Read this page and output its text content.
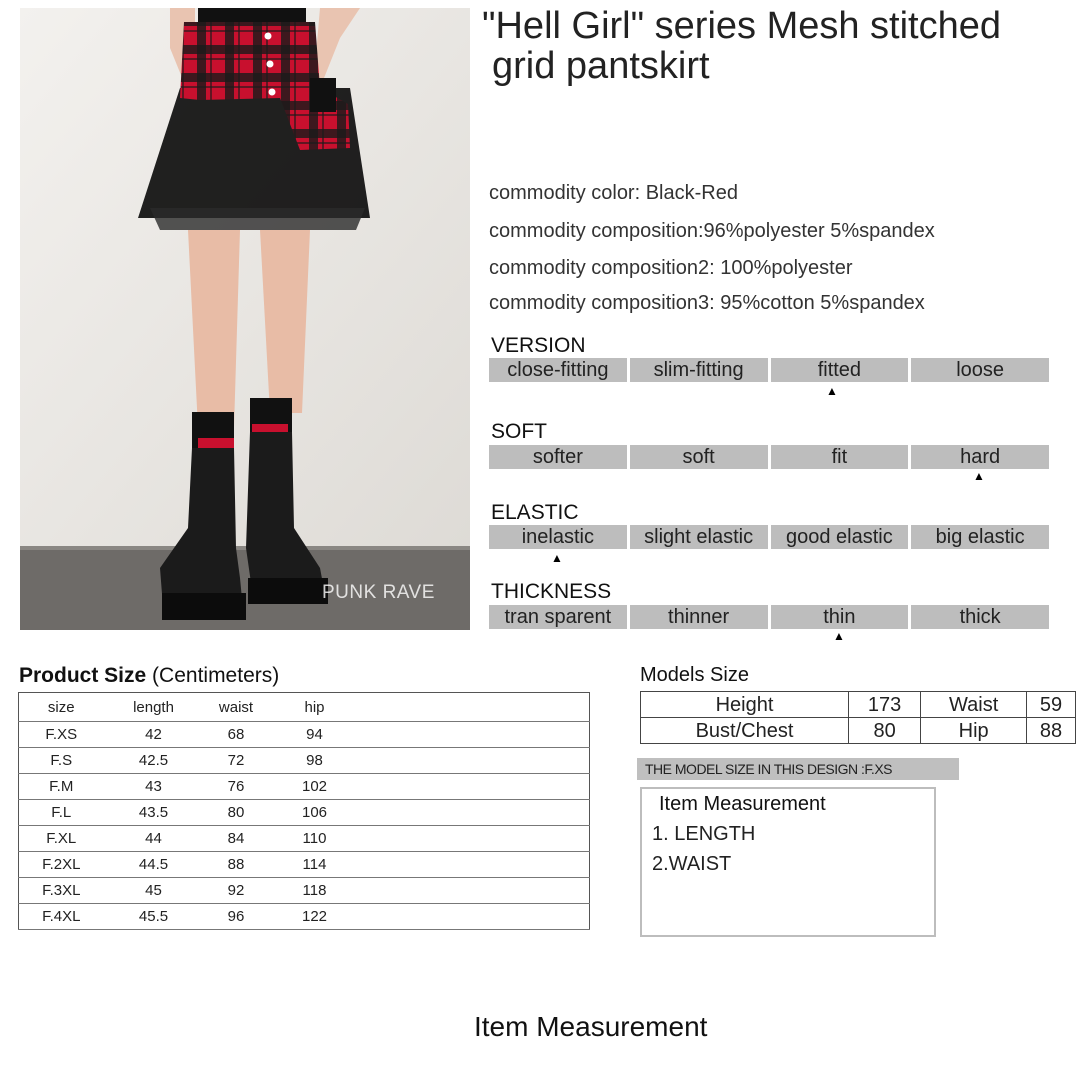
PUNK RAVE
"Hell Girl" series Mesh stitched
grid pantskirt
commodity color: Black-Red
commodity composition:96%polyester 5%spandex
commodity composition2: 100%polyester
commodity composition3: 95%cotton 5%spandex
VERSION
close-fitting	slim-fitting	fitted	loose
▲
SOFT
softer	soft	fit	hard
▲
ELASTIC
inelastic	slight elastic	good elastic	big elastic
▲
THICKNESS
tran sparent	thinner	thin	thick
▲
Product Size (Centimeters)
size	length	waist	hip	
F.XS	42	68	94	
F.S	42.5	72	98	
F.M	43	76	102	
F.L	43.5	80	106	
F.XL	44	84	110	
F.2XL	44.5	88	114	
F.3XL	45	92	118	
F.4XL	45.5	96	122	
Models Size
Height	173	Waist	59
Bust/Chest	80	Hip	88
THE MODEL SIZE IN THIS DESIGN :F.XS
Item Measurement
1. LENGTH
2.WAIST
Item Measurement
